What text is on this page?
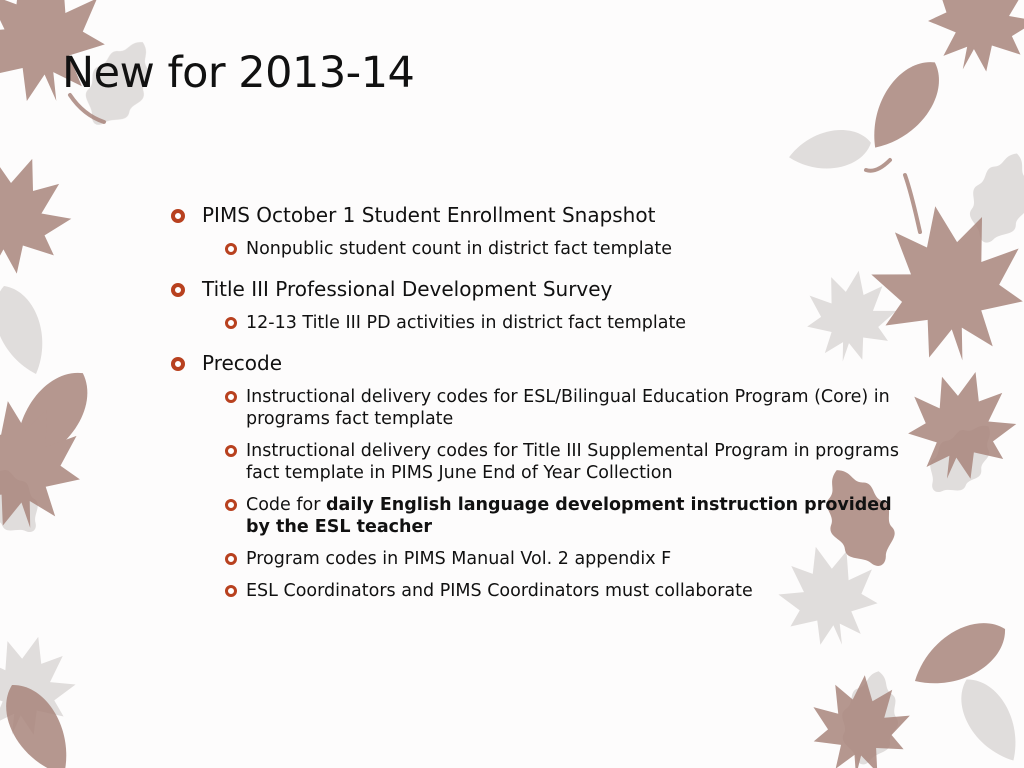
New for 2013-14
PIMS October 1 Student Enrollment Snapshot
Nonpublic student count in district fact template
Title III Professional Development Survey
12-13 Title III PD activities in district fact template
Precode
Instructional delivery codes for ESL/Bilingual Education Program (Core) in programs fact template
Instructional delivery codes for Title III Supplemental Program in programs fact template in PIMS June End of Year Collection
Code for daily English language development instruction provided by the ESL teacher
Program codes in PIMS Manual Vol. 2 appendix F
ESL Coordinators and PIMS Coordinators must collaborate
